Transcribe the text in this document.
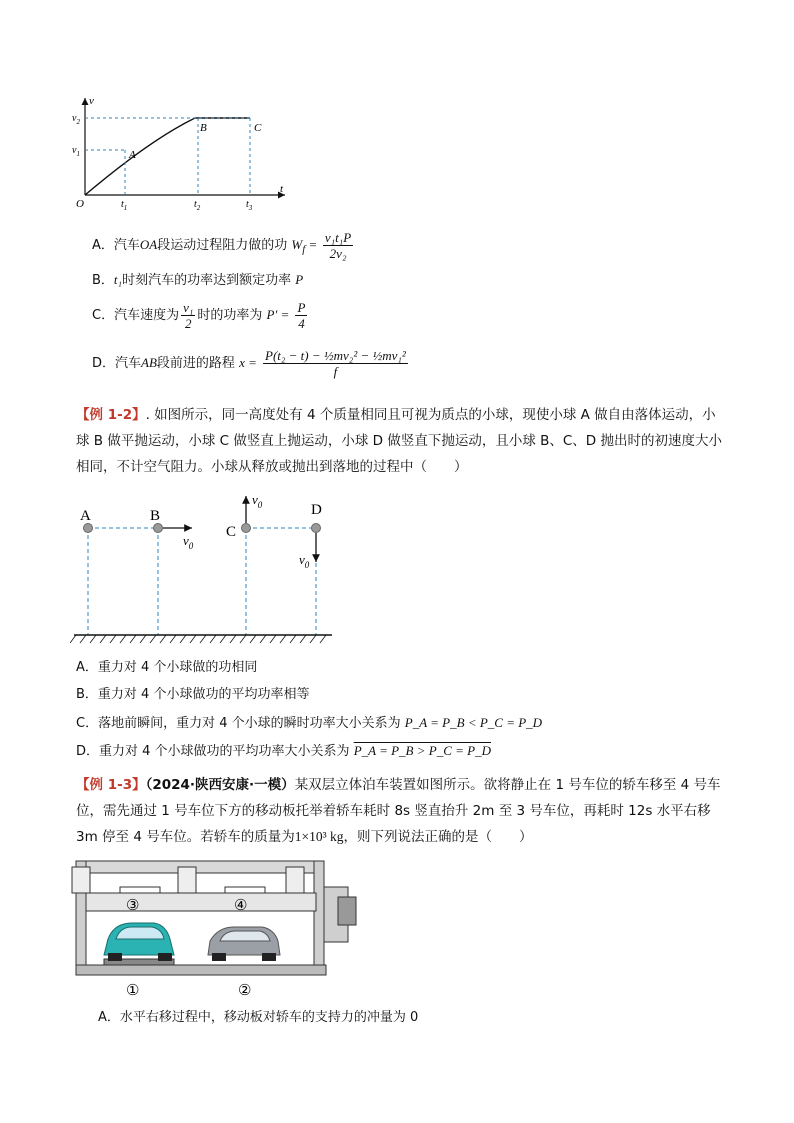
v
t
O
$v_2$
$v_1$
$t_1$	$t_2$	$t_3$
A
B	C
A．汽车OA段运动过程阻力做的功 $W_f = \frac{\text{v₁t₁P}}{\text{2v₂}}$
B．t₁时刻汽车的功率达到额定功率 P
C．汽车速度为 $\frac{\text{v₁}}{2}$ 时的功率为 $P' = \frac{P}{4}$
D．汽车AB段前进的路程 $x = \frac{\text{P(t₂ − t) − ½mv₂² − ½mv₁²}}{f}$
【例 1-2】. 如图所示，同一高度处有 4 个质量相同且可视为质点的小球，现使小球 A 做自由落体运动，小球 B 做平抛运动，小球 C 做竖直上抛运动，小球 D 做竖直下抛运动，且小球 B、C、D 抛出时的初速度大小相同，不计空气阻力。小球从释放或抛出到落地的过程中（　　）
A	B
C
D
$v_0$
$v_0$
$v_0$
A．重力对 4 个小球做的功相同
B．重力对 4 个小球做功的平均功率相等
C．落地前瞬间，重力对 4 个小球的瞬时功率大小关系为 P_A = P_B < P_C = P_D
D．重力对 4 个小球做功的平均功率大小关系为 P_A = P_B > P_C = P_D
【例 1-3】（2024·陕西安康·一模）某双层立体泊车装置如图所示。欲将静止在 1 号车位的轿车移至 4 号车位，需先通过 1 号车位下方的移动板托举着轿车耗时 8s 竖直抬升 2m 至 3 号车位，再耗时 12s 水平右移 3m 停至 4 号车位。若轿车的质量为1×10³ kg，则下列说法正确的是（　　）
③	④
①	②
A．水平右移过程中，移动板对轿车的支持力的冲量为 0
